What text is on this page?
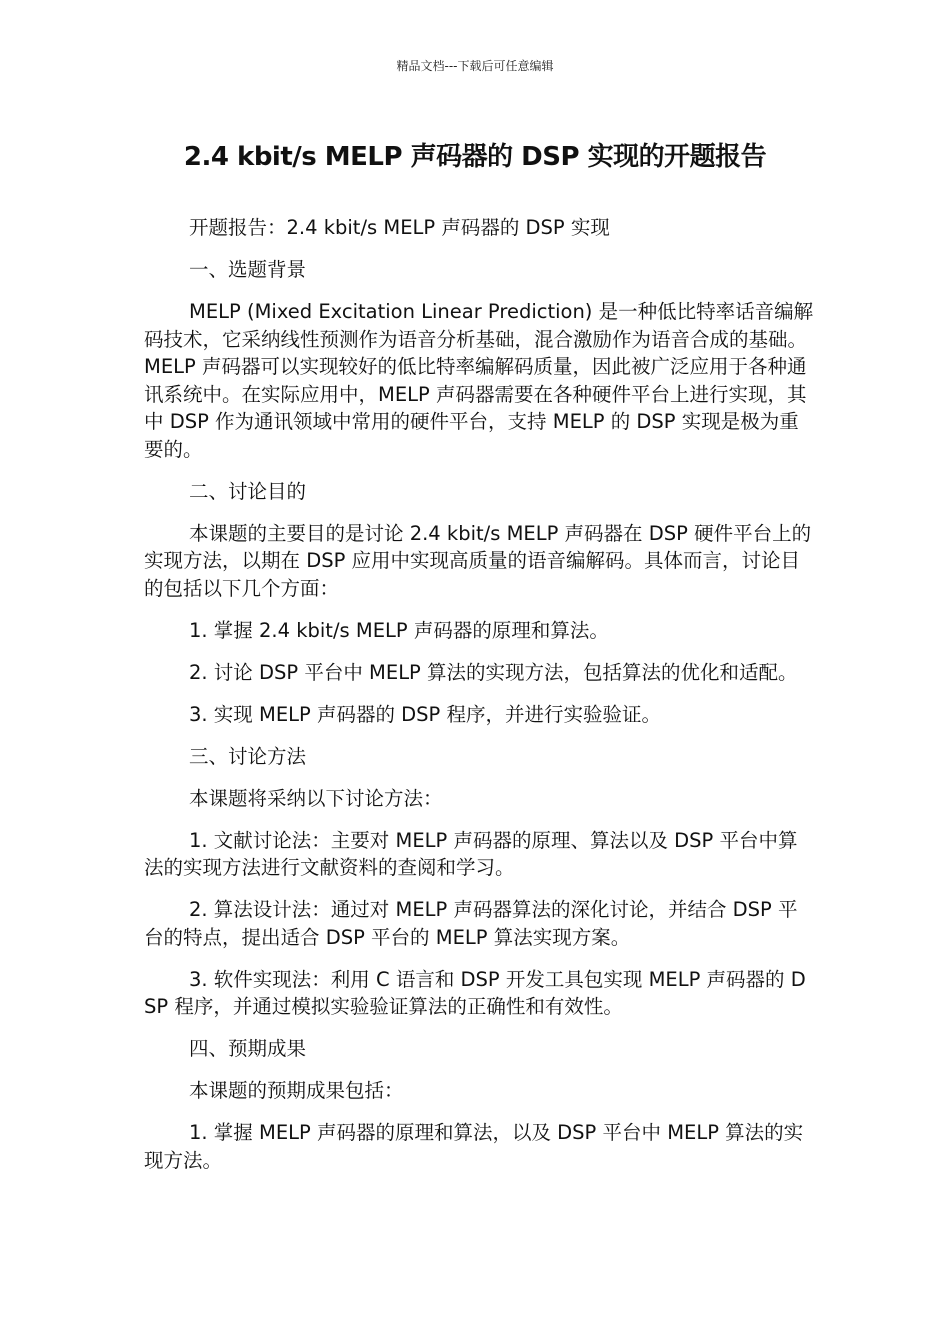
精品文档---下载后可任意编辑
2.4 kbit/s MELP 声码器的 DSP 实现的开题报告

开题报告：2.4 kbit/s MELP 声码器的 DSP 实现

一、选题背景

MELP (Mixed Excitation Linear Prediction) 是一种低比特率话音编解码技术，它采纳线性预测作为语音分析基础，混合激励作为语音合成的基础。MELP 声码器可以实现较好的低比特率编解码质量，因此被广泛应用于各种通讯系统中。在实际应用中，MELP 声码器需要在各种硬件平台上进行实现，其中 DSP 作为通讯领域中常用的硬件平台，支持 MELP 的 DSP 实现是极为重要的。

二、讨论目的

本课题的主要目的是讨论 2.4 kbit/s MELP 声码器在 DSP 硬件平台上的实现方法，以期在 DSP 应用中实现高质量的语音编解码。具体而言，讨论目的包括以下几个方面：

1. 掌握 2.4 kbit/s MELP 声码器的原理和算法。

2. 讨论 DSP 平台中 MELP 算法的实现方法，包括算法的优化和适配。

3. 实现 MELP 声码器的 DSP 程序，并进行实验验证。

三、讨论方法

本课题将采纳以下讨论方法：

1. 文献讨论法：主要对 MELP 声码器的原理、算法以及 DSP 平台中算法的实现方法进行文献资料的查阅和学习。

2. 算法设计法：通过对 MELP 声码器算法的深化讨论，并结合 DSP 平台的特点，提出适合 DSP 平台的 MELP 算法实现方案。

3. 软件实现法：利用 C 语言和 DSP 开发工具包实现 MELP 声码器的 DSP 程序，并通过模拟实验验证算法的正确性和有效性。

四、预期成果

本课题的预期成果包括：

1. 掌握 MELP 声码器的原理和算法，以及 DSP 平台中 MELP 算法的实现方法。
